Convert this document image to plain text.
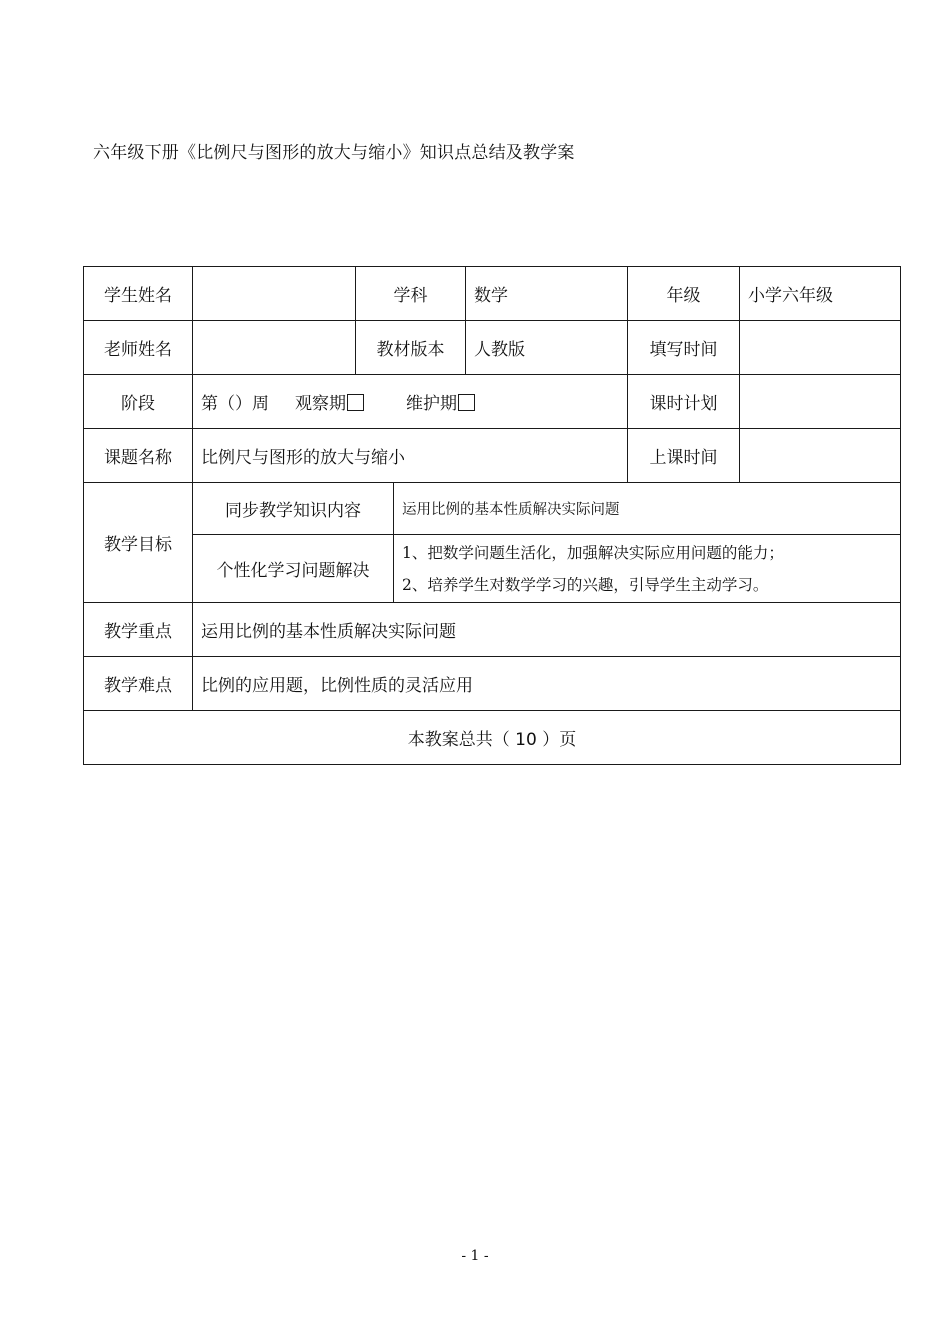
六年级下册《比例尺与图形的放大与缩小》知识点总结及教学案
学生姓名		学科		数学	年级	小学六年级
老师姓名		教材版本		人教版	填写时间	
阶段	第（）周 观察期 维护期				课时计划	
课题名称	比例尺与图形的放大与缩小				上课时间	
教学目标	同步教学知识内容		运用比例的基本性质解决实际问题			
	个性化学习问题解决		1、把数学问题生活化，加强解决实际应用问题的能力；
2、培养学生对数学学习的兴趣，引导学生主动学习。			

教学重点	运用比例的基本性质解决实际问题					
教学难点	比例的应用题，比例性质的灵活应用					
本教案总共（ 10 ）页						
- 1 -
